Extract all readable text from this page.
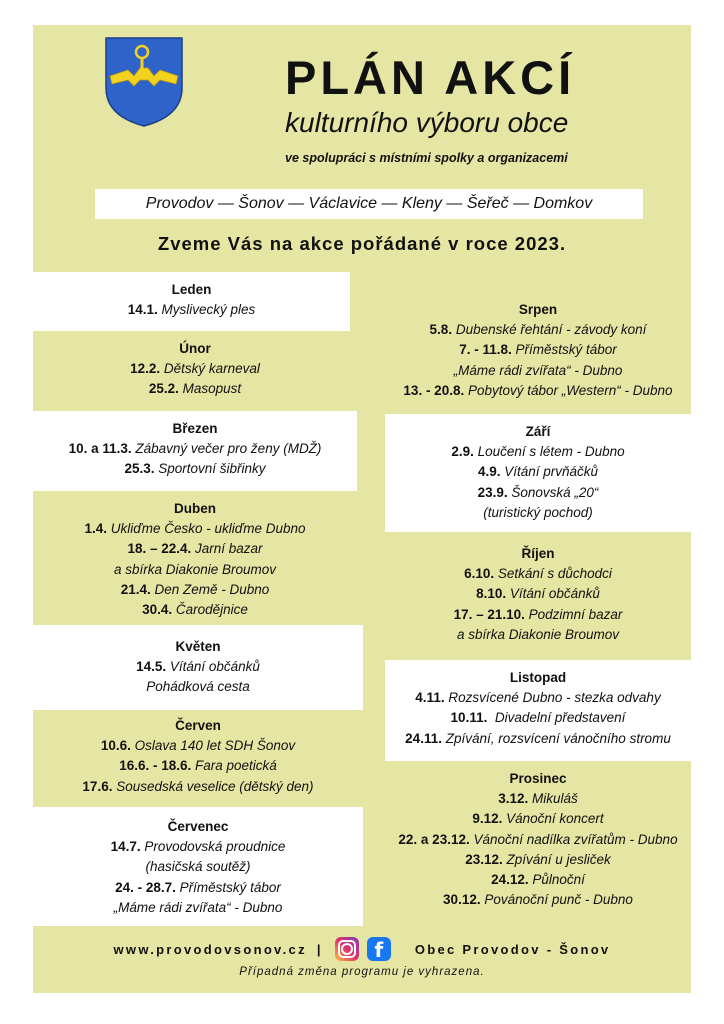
PLÁN AKCÍ
kulturního výboru obce
ve spolupráci s místními spolky a organizacemi
Provodov — Šonov — Václavice — Kleny — Šeřeč — Domkov
Zveme Vás na akce pořádané v roce 2023.
Leden
14.1. Myslivecký ples
Únor
12.2. Dětský karneval
25.2. Masopust
Březen
10. a 11.3. Zábavný večer pro ženy (MDŽ)
25.3. Sportovní šibřinky
Duben
1.4. Ukliďme Česko - ukliďme Dubno
18. – 22.4. Jarní bazar
a sbírka Diakonie Broumov
21.4. Den Země - Dubno
30.4. Čarodějnice
Květen
14.5. Vítání občánků
Pohádková cesta
Červen
10.6. Oslava 140 let SDH Šonov
16.6. - 18.6. Fara poetická
17.6. Sousedská veselice (dětský den)
Červenec
14.7. Provodovská proudnice
(hasičská soutěž)
24. - 28.7. Příměstský tábor
„Máme rádi zvířata“ - Dubno
Srpen
5.8. Dubenské řehtání - závody koní
7. - 11.8. Příměstský tábor
„Máme rádi zvířata“ - Dubno
13. - 20.8. Pobytový tábor „Western“ - Dubno
Září
2.9. Loučení s létem - Dubno
4.9. Vítání prvňáčků
23.9. Šonovská „20“
(turistický pochod)
Říjen
6.10. Setkání s důchodci
8.10. Vítání občánků
17. – 21.10. Podzimní bazar
a sbírka Diakonie Broumov
Listopad
4.11. Rozsvícené Dubno - stezka odvahy
10.11.  Divadelní představení
24.11. Zpívání, rozsvícení vánočního stromu
Prosinec
3.12. Mikuláš
9.12. Vánoční koncert
22. a 23.12. Vánoční nadílka zvířatům - Dubno
23.12. Zpívání u jesliček
24.12. Půlnoční
30.12. Povánoční punč - Dubno
www.provodovsonov.cz |	f	Obec Provodov - Šonov
Případná změna programu je vyhrazena.
